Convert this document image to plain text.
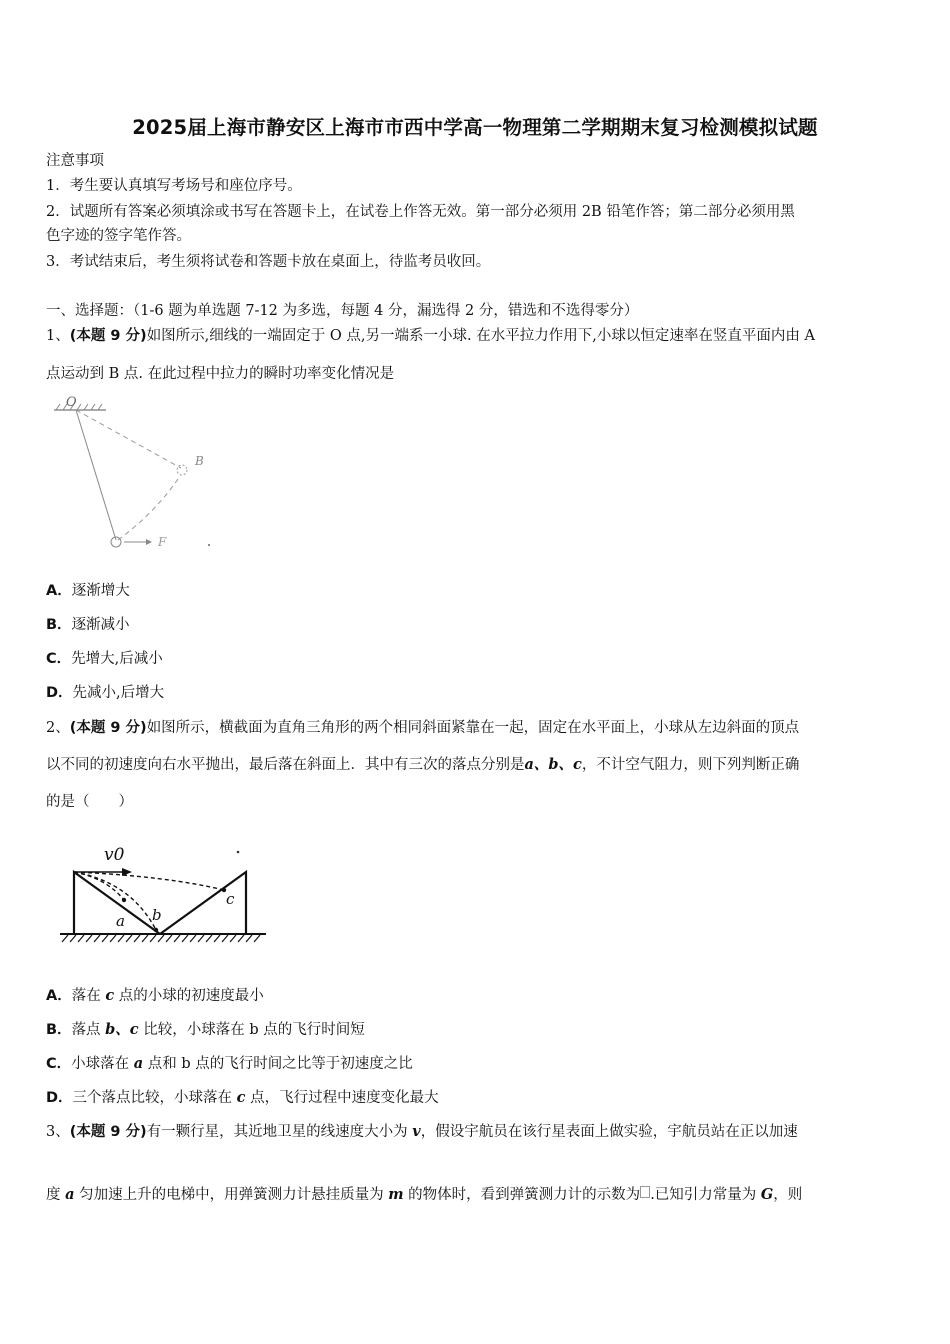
2025届上海市静安区上海市市西中学高一物理第二学期期末复习检测模拟试题
注意事项
1．考生要认真填写考场号和座位序号。
2．试题所有答案必须填涂或书写在答题卡上，在试卷上作答无效。第一部分必须用 2B 铅笔作答；第二部分必须用黑
色字迹的签字笔作答。
3．考试结束后，考生须将试卷和答题卡放在桌面上，待监考员收回。
一、选择题：（1-6 题为单选题 7-12 为多选，每题 4 分，漏选得 2 分，错选和不选得零分）
1、(本题 9 分)如图所示,细线的一端固定于 O 点,另一端系一小球. 在水平拉力作用下,小球以恒定速率在竖直平面内由 A
点运动到 B 点. 在此过程中拉力的瞬时功率变化情况是
O
B
F
A．逐渐增大
B．逐渐减小
C．先增大,后减小
D．先减小,后增大
2、(本题 9 分)如图所示，横截面为直角三角形的两个相同斜面紧靠在一起，固定在水平面上，小球从左边斜面的顶点
以不同的初速度向右水平抛出，最后落在斜面上．其中有三次的落点分别是a、b、c，不计空气阻力，则下列判断正确
的是（　　）
v0
a b
c
A．落在 c 点的小球的初速度最小
B．落点 b、c 比较，小球落在 b 点的飞行时间短
C．小球落在 a 点和 b 点的飞行时间之比等于初速度之比
D．三个落点比较，小球落在 c 点，飞行过程中速度变化最大
3、(本题 9 分)有一颗行星，其近地卫星的线速度大小为 v，假设宇航员在该行星表面上做实验，宇航员站在正以加速
度 a 匀加速上升的电梯中，用弹簧测力计悬挂质量为 m 的物体时，看到弹簧测力计的示数为 .已知引力常量为 G，则
